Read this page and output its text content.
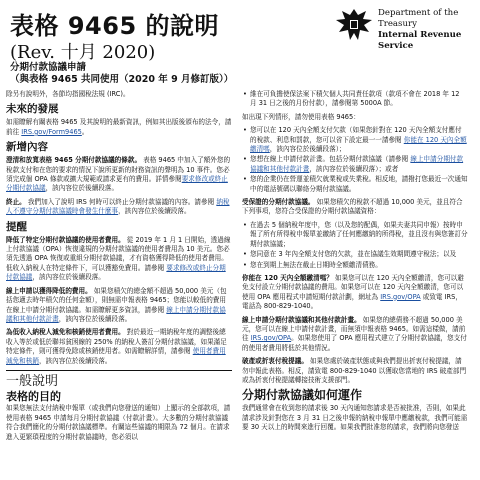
表格 9465 的說明
(Rev. 十月 2020)
分期付款協議申請
（與表格 9465 共同使用（2020 年 9 月修訂版））
Department of the
Treasury
Internal Revenue Service

除另有說明外，各節均指國稅法規 (IRC)。

未來的發展

如需瞭解有關表格 9465 及其說明的最新資訊，例如其出版後頒布的法令，請前往 IRS.gov/Form9465。

新增內容

澄清和放寬表格 9465 分期付款協議的條款。 表格 9465 中加入了額外您的稅款支付和在您的要求的情況下說所更新的財務資訊的聲明為 10 事件。您必須完成個 OPA 條款或擴大規範或請求更有的費用。詳情參閱要求修改或終止分期付款協議，該內容位於後續段落。

終止。 我們加入了說明 IRS 何時可以終止分期付款協議的內容。請參閱 納稅人不遵守分期付款協議時會發生什麼事，該內容位於後續段落。

提醒

降低了特定分期付款協議的使用者費用。 從 2019 年 1 月 1 日開始，透過線上付款協議（OPA）恢復違規的分期付款協議的使用者費用為 10 美元。您必須先透過 OPA 恢復或重組分期付款協議，才有資格獲得降低的使用者費用。低收入納稅人在特定條件下，可以獲豁免費用。請參閱 要求修改或終止分期付款協議，該內容位於後續段落。

線上申請以獲得降低的費用。 如果您積欠的總金額不超過 50,000 美元（包括您適去時年積欠的任何金額），則無需申報表格 9465；您能以較低的費用在線上申請分期付款協議。如需瞭解更多資訊，請參閱 線上申請分期付款協議和其他付款計畫，該內容位於後續段落。

為低收入納稅人減免和核銷使用者費用。 對於最近一期納稅年度的調整後總收入等於或低於聯邦貧困線的 250% 的納稅人簽訂分期付款協議，如果滿足特定條件，則可獲得免除或核銷使用者。如需瞭解詳情，請參閱 使用者費用減免和核銷，該內容位於後續段落。

一般說明
表格的目的

如果您無法支付納稅申報單（或我們向您發送的通知）上顯示的全部款項，請使用表格 9465 申請每月分期付款協議（付款計畫）。大多數的分期付款協議符合我們簡化的分期付款協議標準。有關這些協議的期限為 72 個月。在請求進入更繁瑣程度的分期付款協議時，您必須以

• 維在可負擔使保法案下積欠個人共同責任款項（款項不會在 2018 年 12 月 31 日之後的月份付款），請參閱第 5000A 節。

如出現下列情形，請勿使用表格 9465：

• 您可以在 120 天內全額支付欠款（如果您針對在 120 天內全額支付應付的稅款、利息和罰款，您可以省下設定最一一請參閱 你能在 120 天內全額繳清嗎，該內容位於後續段落）；
• 您想在線上申請付款計畫。包括分期付款協議（請參閱 線上申請分期付款協議和其他付款計畫，該內容位於後續段落）；或者
• 您的企業仍在營運並積欠就業稅或失業稅。相反地，請撥打您最近一次通知中的電話號碼以聯絡分期付款協議。

受保證的分期付款協議。 如果您積欠的稅款不超過 10,000 美元，並且符合下列事項，您符合受保證的分期付款協議資格：

• 在過去 5 個納稅年度中，您（以及您的配偶，如果夫妻共同申報）按時申報了所有所得稅申報單並繳納了任何應繳納的所得稅，並且沒有與您簽訂分期付款協議；
• 您同意在 3 年內全額支付您的欠款，並在協議生效期間遵守稅法；以及
• 您在到期上無法在截止日期時全額繳清債務。

你能在 120 天內全額繳清嗎？ 如果您可以在 120 天內全額繳清，您可以避免支付設立分期付款協議的費用。如果您可以在 120 天內全額繳清，您可以使用 OPA 應用程式申請短期付款計劃，網址為 IRS.gov/OPA 或致電 IRS，電話為 800-829-1040。

線上申請分期付款協議和其他付款計畫。 如果您的總債務不超過 50,000 美元，您可以在線上申請付款計畫，而無須申報表格 9465。如需這樣做，請前往 IRS.gov/OPA。如果您使用了 OPA 應用程式建立了分期付款協議，您支付的使用者費用將低於其他情況。

破產或折衷付稅提議。 如果您處於破產狀態或與我們提出折衷付稅提議，請勿申報此表格。相反，請致電 800-829-1040 以獲取您當地的 IRS 破產部門或為折衷付稅提議轉接技術支援部門。

分期付款協議如何運作

我們通常會在收到您的請求後 30 天內通知您請求是否被批准，否則，如果此請求涉及針對您在 3 月 31 日之後申報的納稅申報單中應繳稅款，我們可能需要 30 天以上的時間來進行回覆。如果我們批准您的請求，我們將向您發送
